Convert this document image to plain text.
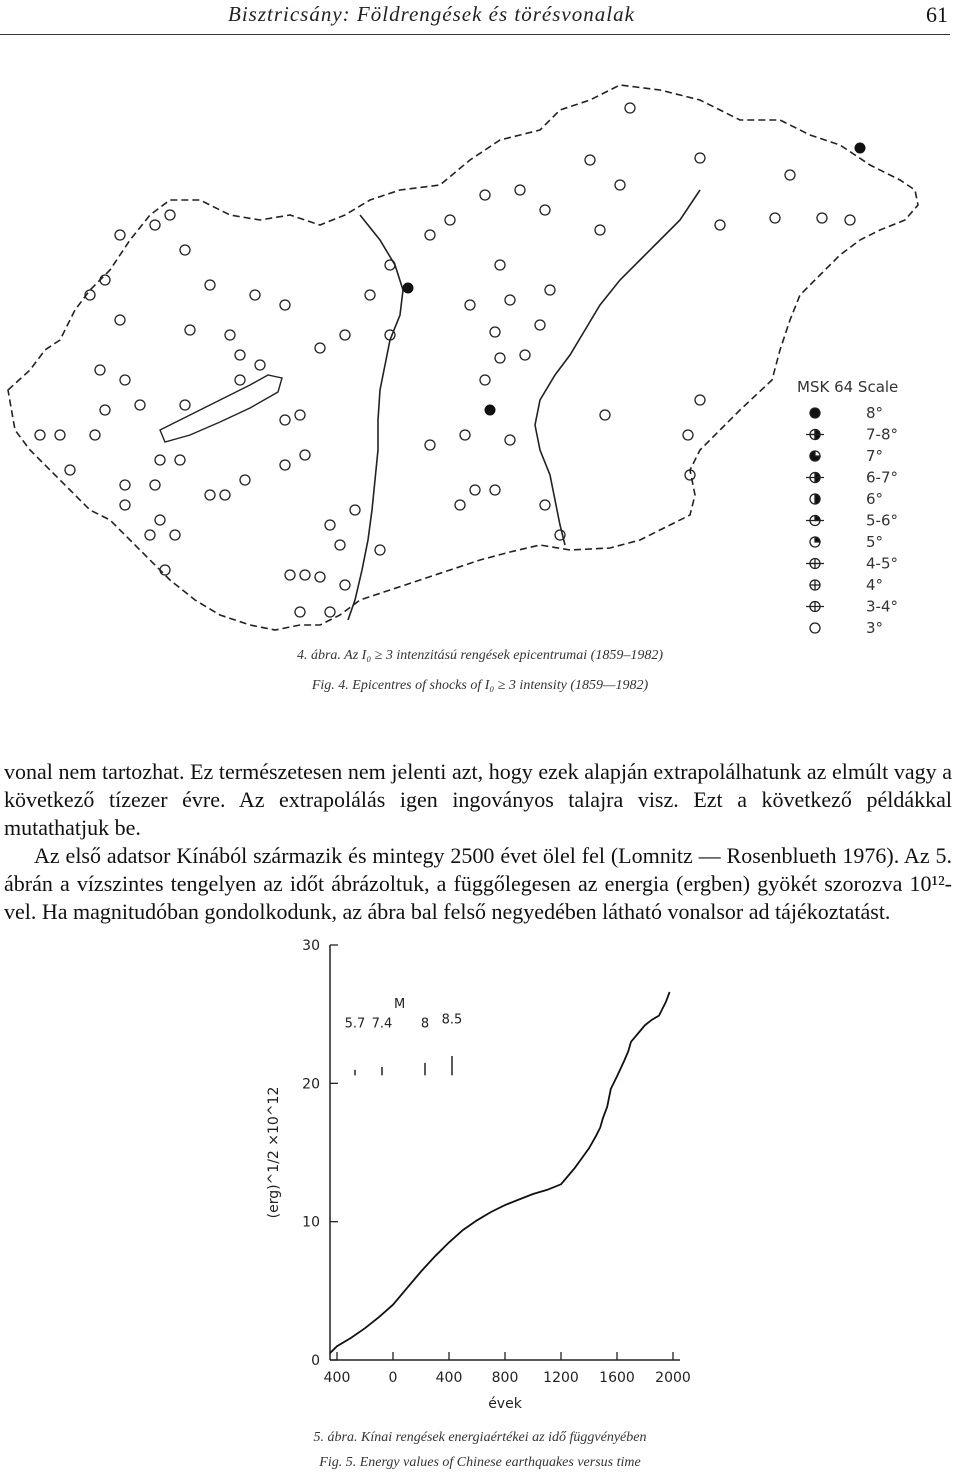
Bisztricsány: Földrengések és törésvonalak	61
MSK 64 Scale
8°
7-8°
7°
6-7°
6°
5-6°
5°
4-5°
4°
3-4°
3°
4. ábra. Az I₀ ≥ 3 intenzitású rengések epicentrumai (1859–1982)
Fig. 4. Epicentres of shocks of I₀ ≥ 3 intensity (1859—1982)

vonal nem tartozhat. Ez természetesen nem jelenti azt, hogy ezek alapján extrapolálhatunk az elmúlt vagy a következő tízezer évre. Az extrapolálás igen ingoványos talajra visz. Ezt a következő példákkal mutathatjuk be.

Az első adatsor Kínából származik és mintegy 2500 évet ölel fel (Lomnitz — Rosenblueth 1976). Az 5. ábrán a vízszintes tengelyen az időt ábrázoltuk, a függőlegesen az energia (ergben) gyökét szorozva 10¹²-vel. Ha magnitudóban gondolkodunk, az ábra bal felső negyedében látható vonalsor ad tájékoztatást.

0
10
20
30
400	0	400 800 1200 1600 2000
M
5.7 7.4 8 8.5
(erg)^1/2 ×10^12
évek
5. ábra. Kínai rengések energiaértékei az idő függvényében
Fig. 5. Energy values of Chinese earthquakes versus time
